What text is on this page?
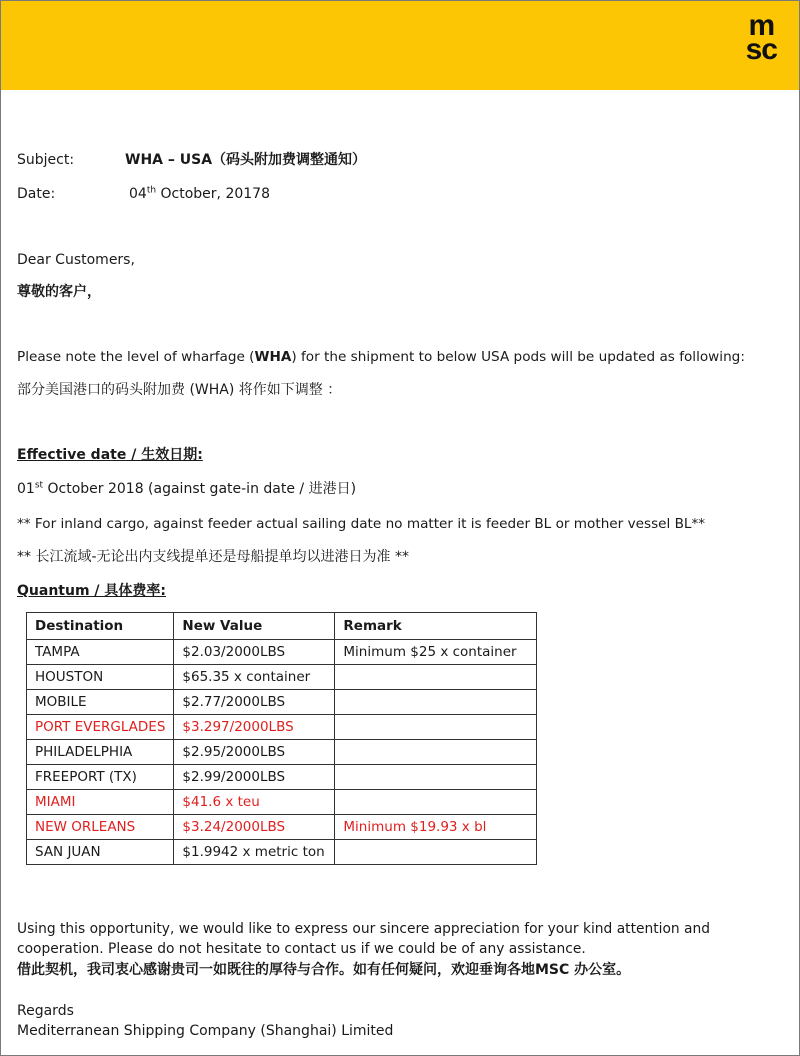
m
sc
Subject:	WHA – USA（码头附加费调整通知）
Date:	04th October, 20178
Dear Customers,
尊敬的客户，
Please note the level of wharfage (WHA) for the shipment to below USA pods will be updated as following:
部分美国港口的码头附加费 (WHA) 将作如下调整 ：
Effective date / 生效日期:
01st October 2018 (against gate-in date / 进港日)
** For inland cargo, against feeder actual sailing date no matter it is feeder BL or mother vessel BL**
** 长江流域-无论出内支线提单还是母船提单均以进港日为准 **
Quantum / 具体费率:
Destination	New Value	Remark
TAMPA	$2.03/2000LBS	Minimum $25 x container
HOUSTON	$65.35 x container	
MOBILE	$2.77/2000LBS	
PORT EVERGLADES	$3.297/2000LBS	
PHILADELPHIA	$2.95/2000LBS	
FREEPORT (TX)	$2.99/2000LBS	
MIAMI	$41.6 x teu	
NEW ORLEANS	$3.24/2000LBS	Minimum $19.93 x bl
SAN JUAN	$1.9942 x metric ton	
Using this opportunity, we would like to express our sincere appreciation for your kind attention and
cooperation. Please do not hesitate to contact us if we could be of any assistance.
借此契机，我司衷心感谢贵司一如既往的厚待与合作。如有任何疑问，欢迎垂询各地MSC 办公室。
Regards
Mediterranean Shipping Company (Shanghai) Limited
